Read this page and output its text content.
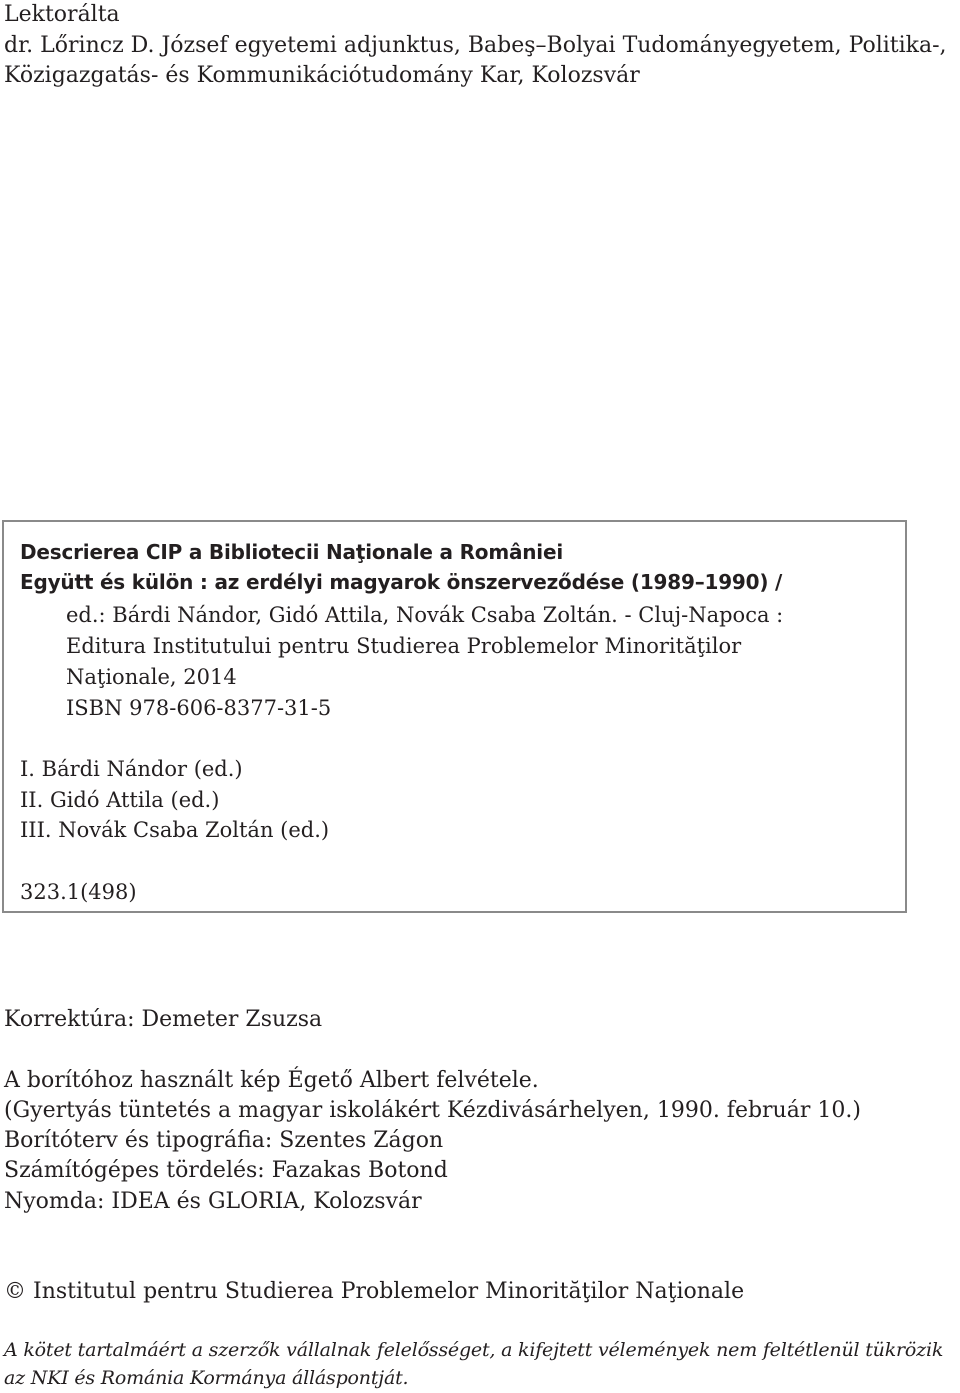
Lektorálta

dr. Lőrincz D. József egyetemi adjunktus, Babeş–Bolyai Tudományegyetem, Politika-,

Közigazgatás- és Kommunikációtudomány Kar, Kolozsvár

Descrierea CIP a Bibliotecii Naţionale a României

Együtt és külön : az erdélyi magyarok önszerveződése (1989–1990) /

ed.: Bárdi Nándor, Gidó Attila, Novák Csaba Zoltán. - Cluj-Napoca :

Editura Institutului pentru Studierea Problemelor Minorităţilor

Naţionale, 2014

ISBN 978-606-8377-31-5

I. Bárdi Nándor (ed.)

II. Gidó Attila (ed.)

III. Novák Csaba Zoltán (ed.)

323.1(498)

Korrektúra: Demeter Zsuzsa

A borítóhoz használt kép Égető Albert felvétele.

(Gyertyás tüntetés a magyar iskolákért Kézdivásárhelyen, 1990. február 10.)

Borítóterv és tipográfia: Szentes Zágon

Számítógépes tördelés: Fazakas Botond

Nyomda: IDEA és GLORIA, Kolozsvár

© Institutul pentru Studierea Problemelor Minorităţilor Naţionale

A kötet tartalmáért a szerzők vállalnak felelősséget, a kifejtett vélemények nem feltétlenül tükrözik

az NKI és Románia Kormánya álláspontját.
